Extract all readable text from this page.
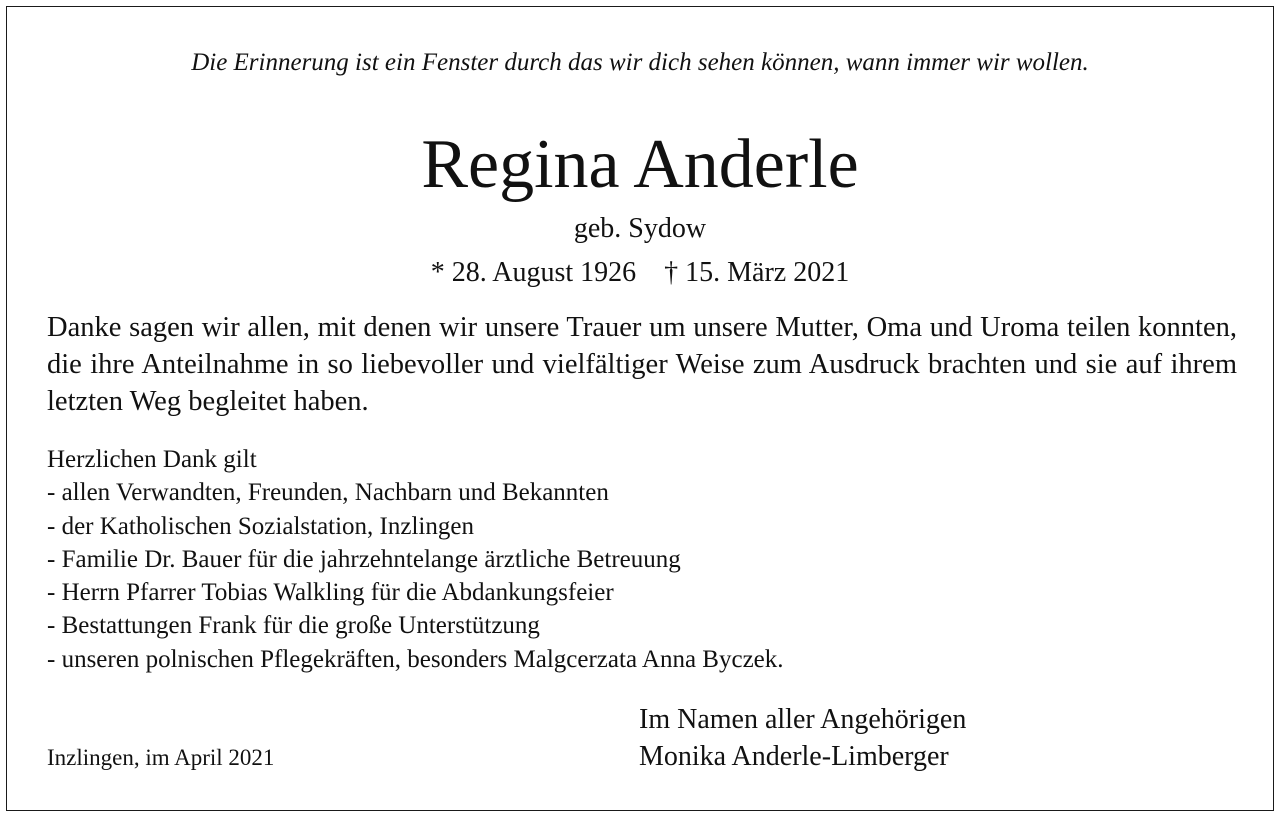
Die Erinnerung ist ein Fenster durch das wir dich sehen können, wann immer wir wollen.
Regina Anderle
geb. Sydow
* 28. August 1926 † 15. März 2021
Danke sagen wir allen, mit denen wir unsere Trauer um unsere Mutter, Oma und Uroma teilen konnten, die ihre Anteilnahme in so liebevoller und vielfältiger Weise zum Ausdruck brachten und sie auf ihrem letzten Weg begleitet haben.
Herzlichen Dank gilt
- allen Verwandten, Freunden, Nachbarn und Bekannten
- der Katholischen Sozialstation, Inzlingen
- Familie Dr. Bauer für die jahrzehntelange ärztliche Betreuung
- Herrn Pfarrer Tobias Walkling für die Abdankungsfeier
- Bestattungen Frank für die große Unterstützung
- unseren polnischen Pflegekräften, besonders Malgcerzata Anna Byczek.
Im Namen aller Angehörigen
Monika Anderle-Limberger
Inzlingen, im April 2021
